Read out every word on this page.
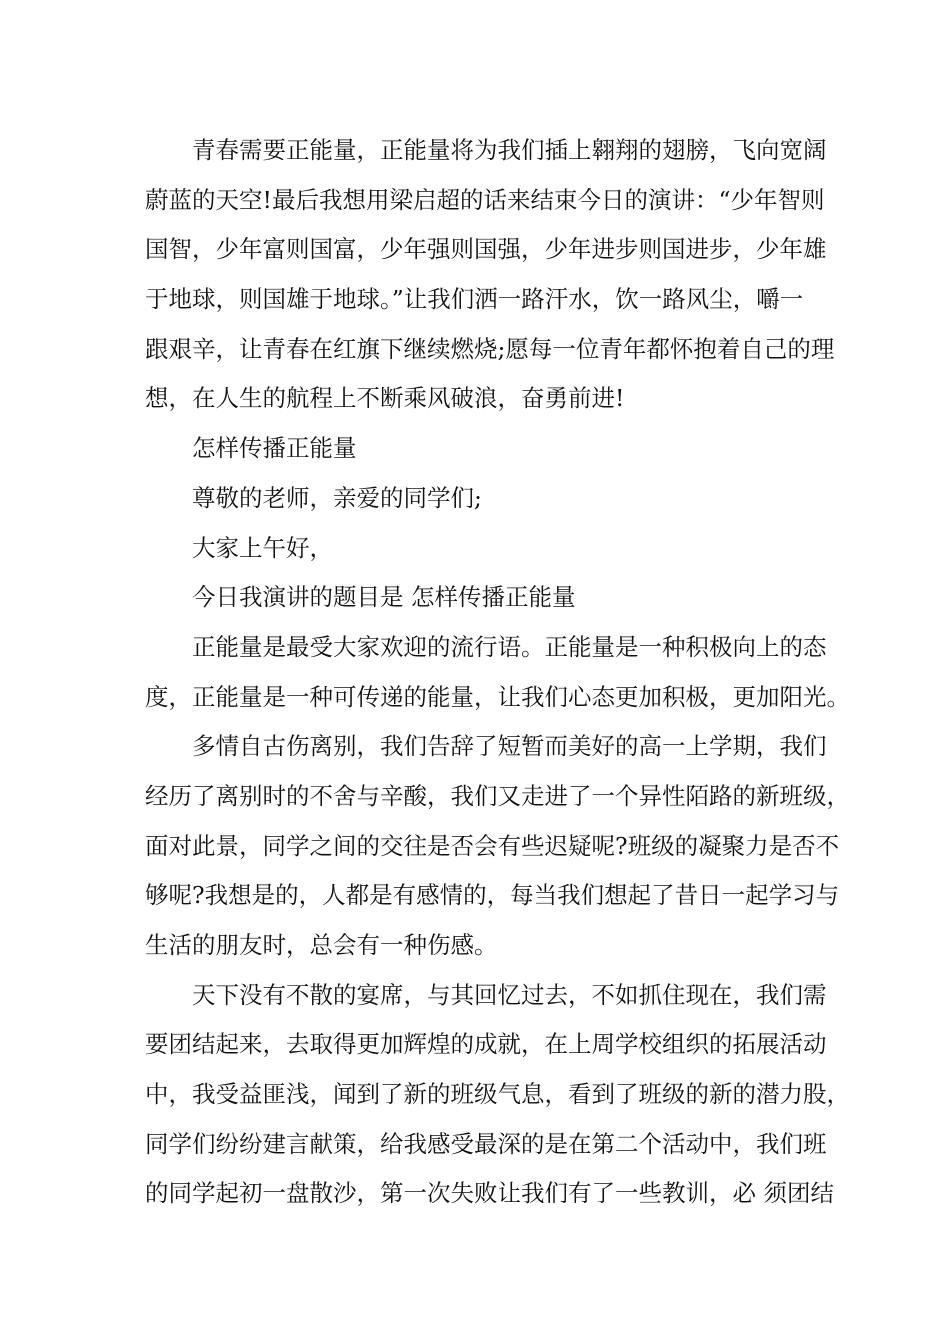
青春需要正能量，正能量将为我们插上翱翔的翅膀，飞向宽阔
蔚蓝的天空!最后我想用梁启超的话来结束今日的演讲：“少年智则
国智，少年富则国富，少年强则国强，少年进步则国进步，少年雄
于地球，则国雄于地球。”让我们洒一路汗水，饮一路风尘，嚼一
跟艰辛，让青春在红旗下继续燃烧;愿每一位青年都怀抱着自己的理
想，在人生的航程上不断乘风破浪，奋勇前进!
怎样传播正能量
尊敬的老师，亲爱的同学们;
大家上午好，
今日我演讲的题目是 怎样传播正能量
正能量是最受大家欢迎的流行语。正能量是一种积极向上的态
度，正能量是一种可传递的能量，让我们心态更加积极，更加阳光。
多情自古伤离别，我们告辞了短暂而美好的高一上学期，我们
经历了离别时的不舍与辛酸，我们又走进了一个异性陌路的新班级，
面对此景，同学之间的交往是否会有些迟疑呢?班级的凝聚力是否不
够呢?我想是的，人都是有感情的，每当我们想起了昔日一起学习与
生活的朋友时，总会有一种伤感。
天下没有不散的宴席，与其回忆过去，不如抓住现在，我们需
要团结起来，去取得更加辉煌的成就，在上周学校组织的拓展活动
中，我受益匪浅，闻到了新的班级气息，看到了班级的新的潜力股，
同学们纷纷建言献策，给我感受最深的是在第二个活动中，我们班
的同学起初一盘散沙，第一次失败让我们有了一些教训，必 须团结
